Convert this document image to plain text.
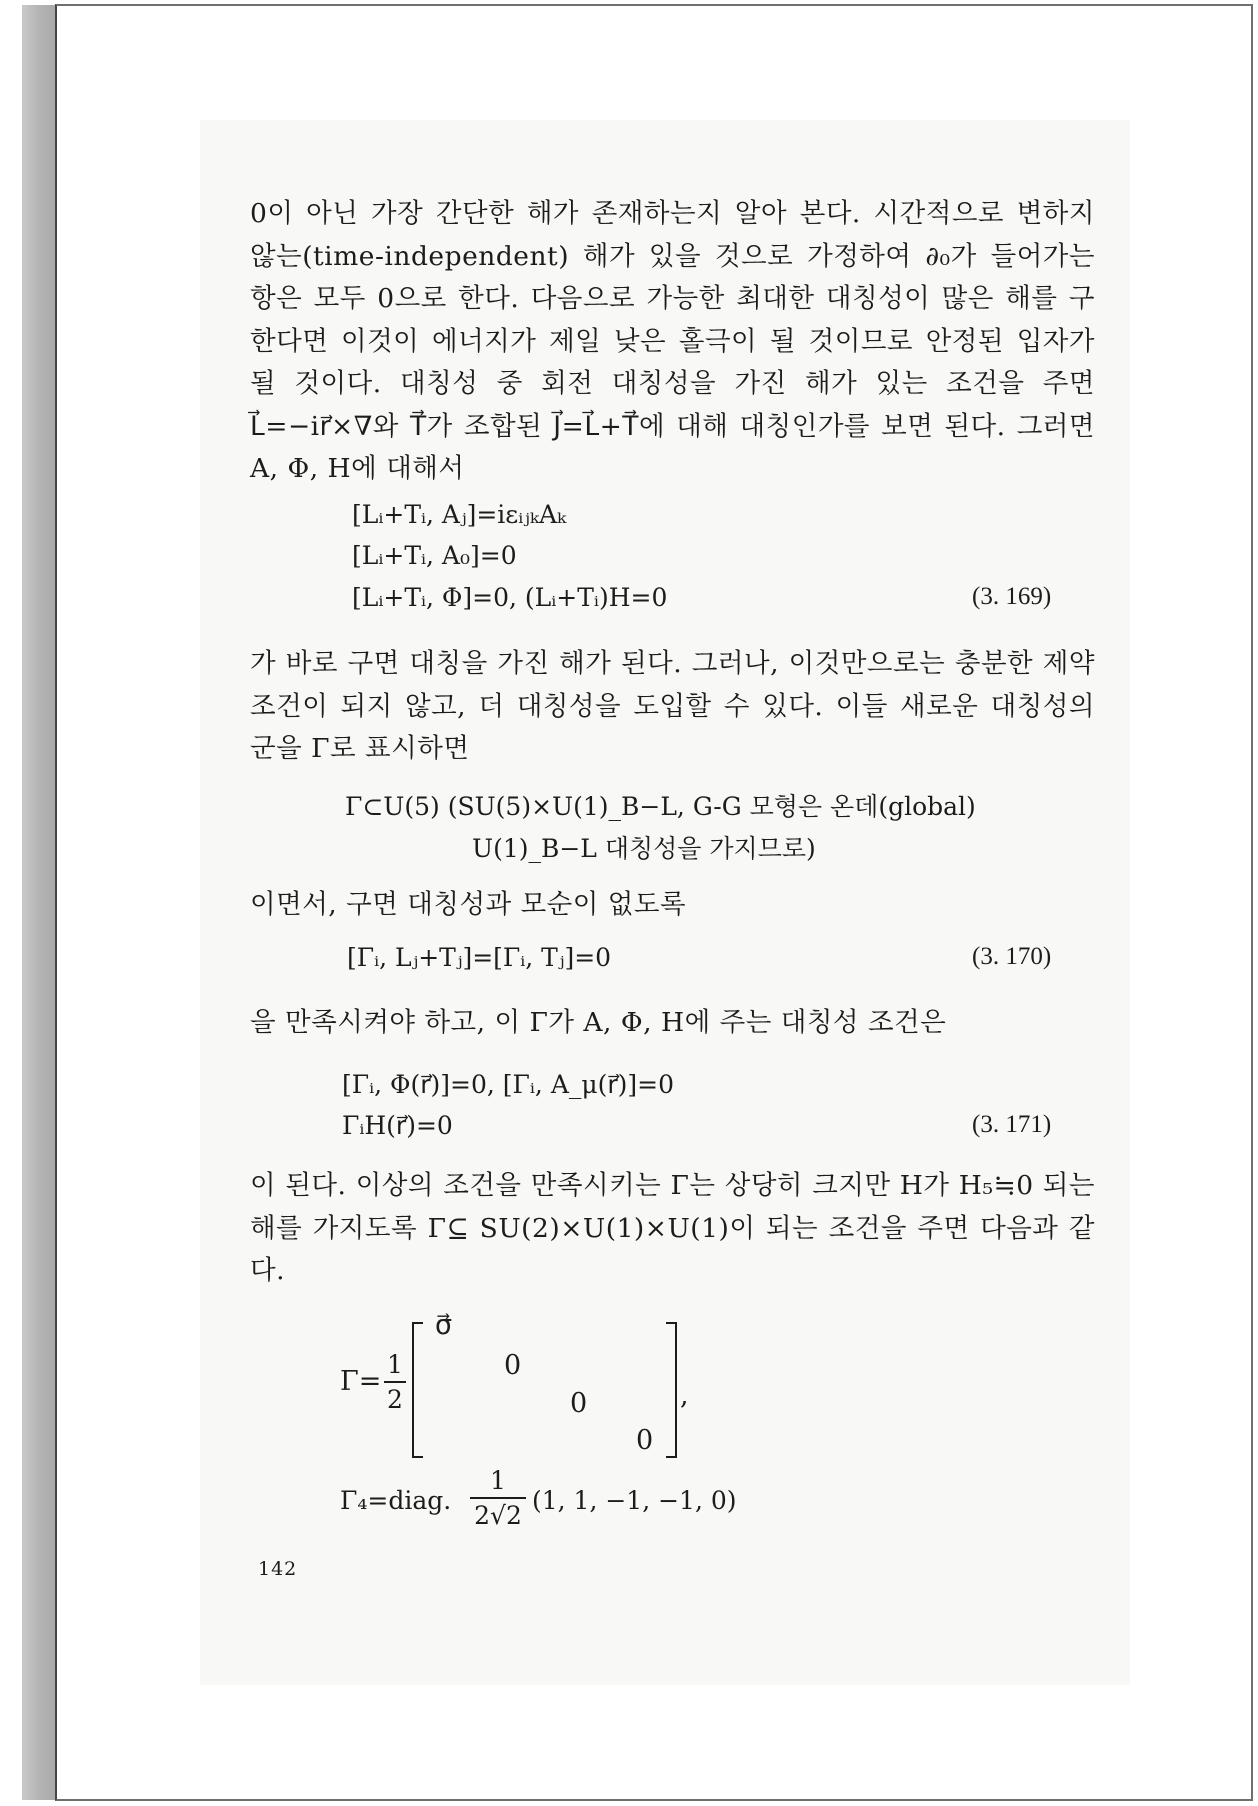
0이 아닌 가장 간단한 해가 존재하는지 알아 본다. 시간적으로 변하지 않는(time-independent) 해가 있을 것으로 가정하여 ∂₀가 들어가는 항은 모두 0으로 한다. 다음으로 가능한 최대한 대칭성이 많은 해를 구한다면 이것이 에너지가 제일 낮은 홀극이 될 것이므로 안정된 입자가 될 것이다. 대칭성 중 회전 대칭성을 가진 해가 있는 조건을 주면 L⃗=−ir⃗×∇와 T⃗가 조합된 J⃗=L⃗+T⃗에 대해 대칭인가를 보면 된다. 그러면 A, Φ, H에 대해서
[Lᵢ+Tᵢ, Aⱼ]=iεᵢⱼₖAₖ
[Lᵢ+Tᵢ, A₀]=0
[Lᵢ+Tᵢ, Φ]=0, (Lᵢ+Tᵢ)H=0	(3. 169)
가 바로 구면 대칭을 가진 해가 된다. 그러나, 이것만으로는 충분한 제약 조건이 되지 않고, 더 대칭성을 도입할 수 있다. 이들 새로운 대칭성의 군을 Γ로 표시하면
Γ⊂U(5) (SU(5)×U(1)_B−L, G-G 모형은 온데(global)
U(1)_B−L 대칭성을 가지므로)
이면서, 구면 대칭성과 모순이 없도록
[Γᵢ, Lⱼ+Tⱼ]=[Γᵢ, Tⱼ]=0	(3. 170)
을 만족시켜야 하고, 이 Γ가 A, Φ, H에 주는 대칭성 조건은
[Γᵢ, Φ(r⃗)]=0, [Γᵢ, A_μ(r⃗)]=0
ΓᵢH(r⃗)=0	(3. 171)
이 된다. 이상의 조건을 만족시키는 Γ는 상당히 크지만 H가 H₅≒0 되는 해를 가지도록 Γ⊆ SU(2)×U(1)×U(1)이 되는 조건을 주면 다음과 같다.
Γ=
1
2
σ⃗
0
0
0
,
Γ₄=diag.
1
2√2
(1, 1, −1, −1, 0)
142
